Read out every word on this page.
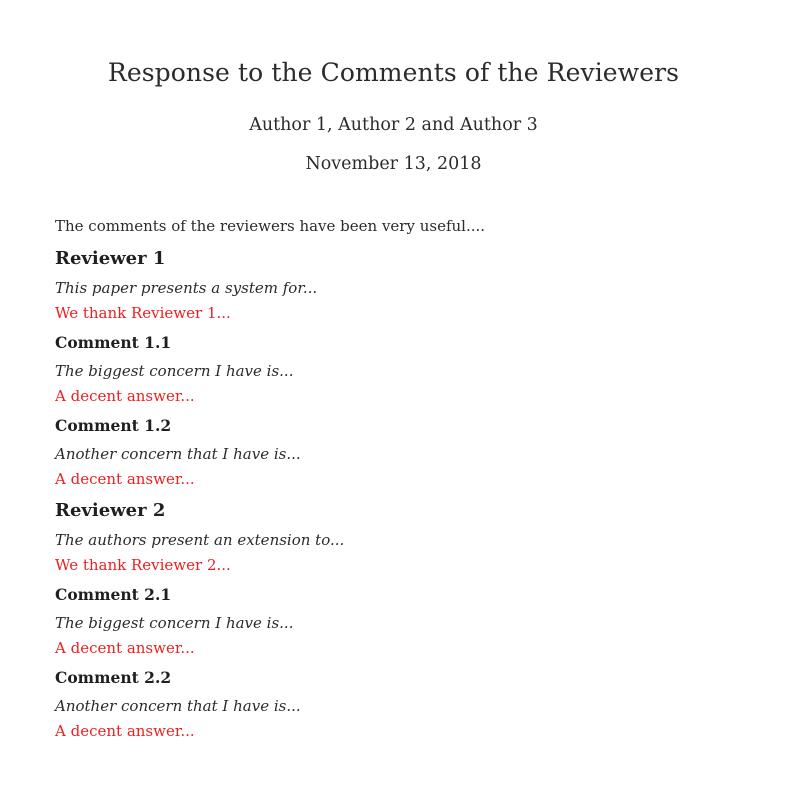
Response to the Comments of the Reviewers
Author 1, Author 2 and Author 3
November 13, 2018

The comments of the reviewers have been very useful....

Reviewer 1

This paper presents a system for...

We thank Reviewer 1...

Comment 1.1

The biggest concern I have is...

A decent answer...

Comment 1.2

Another concern that I have is...

A decent answer...

Reviewer 2

The authors present an extension to...

We thank Reviewer 2...

Comment 2.1

The biggest concern I have is...

A decent answer...

Comment 2.2

Another concern that I have is...

A decent answer...
